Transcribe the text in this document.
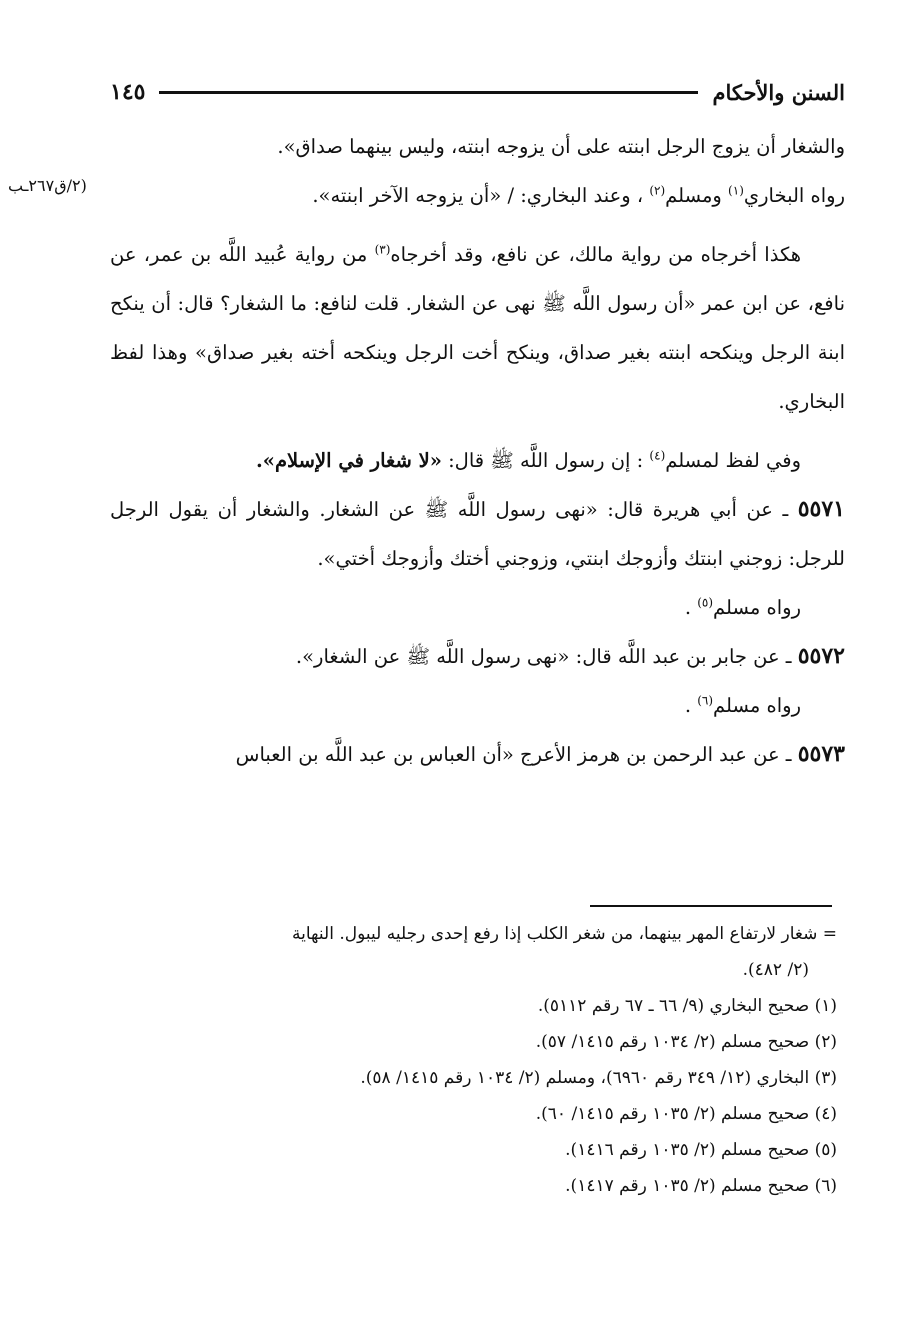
السنن والأحكام
١٤٥
(٢/ق٢٦٧ـب

والشغار أن يزوج الرجل ابنته على أن يزوجه ابنته، وليس بينهما صداق».

رواه البخاري$^{(١)}$ ومسلم$^{(٢)}$ ، وعند البخاري: / «أن يزوجه الآخر ابنته».

هكذا أخرجاه من رواية مالك، عن نافع، وقد أخرجاه$^{(٣)}$ من رواية عُبيد اللَّه بن عمر، عن نافع، عن ابن عمر «أن رسول اللَّه ﷺ نهى عن الشغار. قلت لنافع: ما الشغار؟ قال: أن ينكح ابنة الرجل وينكحه ابنته بغير صداق، وينكح أخت الرجل وينكحه أخته بغير صداق» وهذا لفظ البخاري.

وفي لفظ لمسلم$^{(٤)}$ : إن رسول اللَّه ﷺ قال: «لا شغار في الإسلام».

٥٥٧١ ـ عن أبي هريرة قال: «نهى رسول اللَّه ﷺ عن الشغار. والشغار أن يقول الرجل للرجل: زوجني ابنتك وأزوجك ابنتي، وزوجني أختك وأزوجك أختي».

رواه مسلم$^{(٥)}$ .

٥٥٧٢ ـ عن جابر بن عبد اللَّه قال: «نهى رسول اللَّه ﷺ عن الشغار».

رواه مسلم$^{(٦)}$ .

٥٥٧٣ ـ عن عبد الرحمن بن هرمز الأعرج «أن العباس بن عبد اللَّه بن العباس

= شغار لارتفاع المهر بينهما، من شغر الكلب إذا رفع إحدى رجليه ليبول. النهاية

(٢/ ٤٨٢).

(١) صحيح البخاري (٩/ ٦٦ ـ ٦٧ رقم ٥١١٢).

(٢) صحيح مسلم (٢/ ١٠٣٤ رقم ١٤١٥/ ٥٧).

(٣) البخاري (١٢/ ٣٤٩ رقم ٦٩٦٠)، ومسلم (٢/ ١٠٣٤ رقم ١٤١٥/ ٥٨).

(٤) صحيح مسلم (٢/ ١٠٣٥ رقم ١٤١٥/ ٦٠).

(٥) صحيح مسلم (٢/ ١٠٣٥ رقم ١٤١٦).

(٦) صحيح مسلم (٢/ ١٠٣٥ رقم ١٤١٧).
